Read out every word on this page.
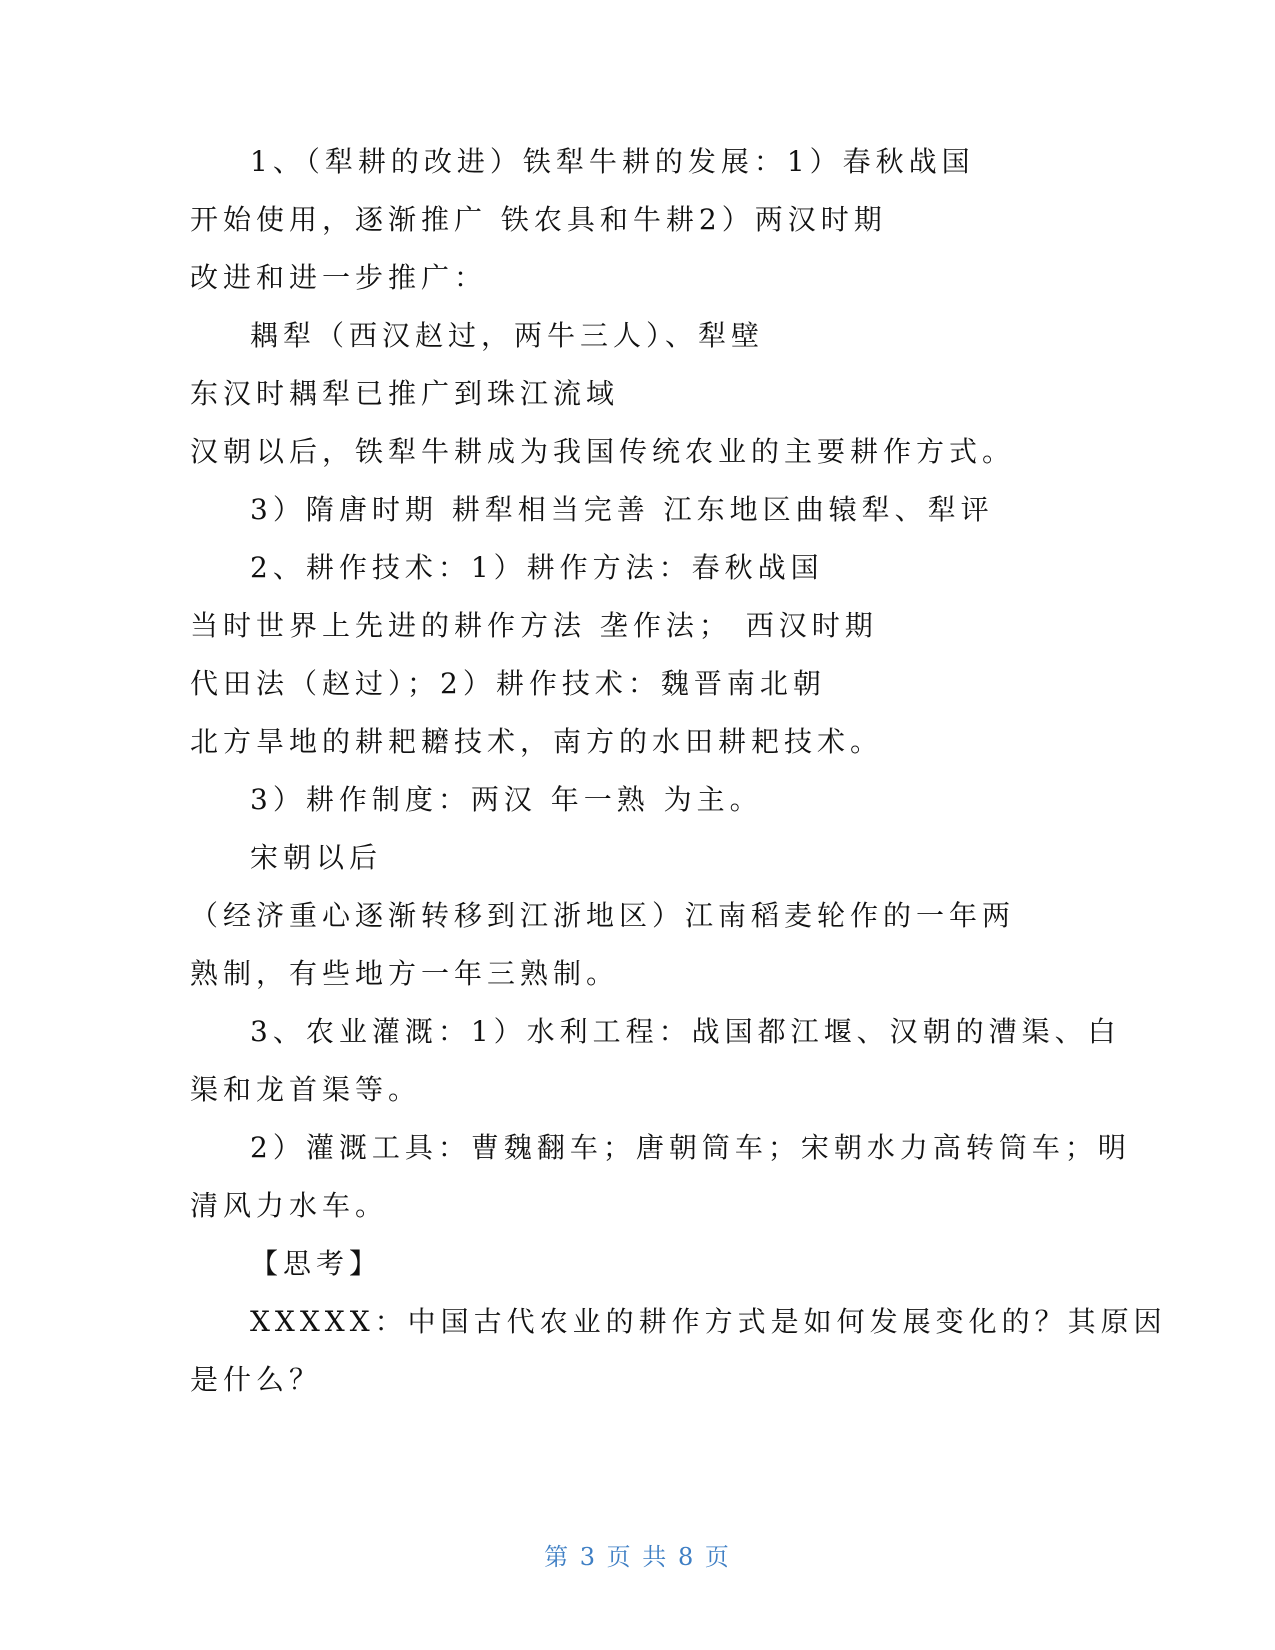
1、（犁耕的改进）铁犁牛耕的发展：1）春秋战国
开始使用，逐渐推广 铁农具和牛耕2）两汉时期
改进和进一步推广：
耦犁（西汉赵过，两牛三人）、犁壁
东汉时耦犁已推广到珠江流域
汉朝以后，铁犁牛耕成为我国传统农业的主要耕作方式。
3）隋唐时期 耕犁相当完善 江东地区曲辕犁、犁评
2、耕作技术：1）耕作方法：春秋战国
当时世界上先进的耕作方法 垄作法； 西汉时期
代田法（赵过）；2）耕作技术：魏晋南北朝
北方旱地的耕耙耱技术，南方的水田耕耙技术。
3）耕作制度：两汉 年一熟 为主。
宋朝以后
（经济重心逐渐转移到江浙地区）江南稻麦轮作的一年两
熟制，有些地方一年三熟制。
3、农业灌溉：1）水利工程：战国都江堰、汉朝的漕渠、白
渠和龙首渠等。
2）灌溉工具：曹魏翻车；唐朝筒车；宋朝水力高转筒车；明
清风力水车。
【思考】
XXXXX：中国古代农业的耕作方式是如何发展变化的？其原因
是什么？
第 3 页 共 8 页
